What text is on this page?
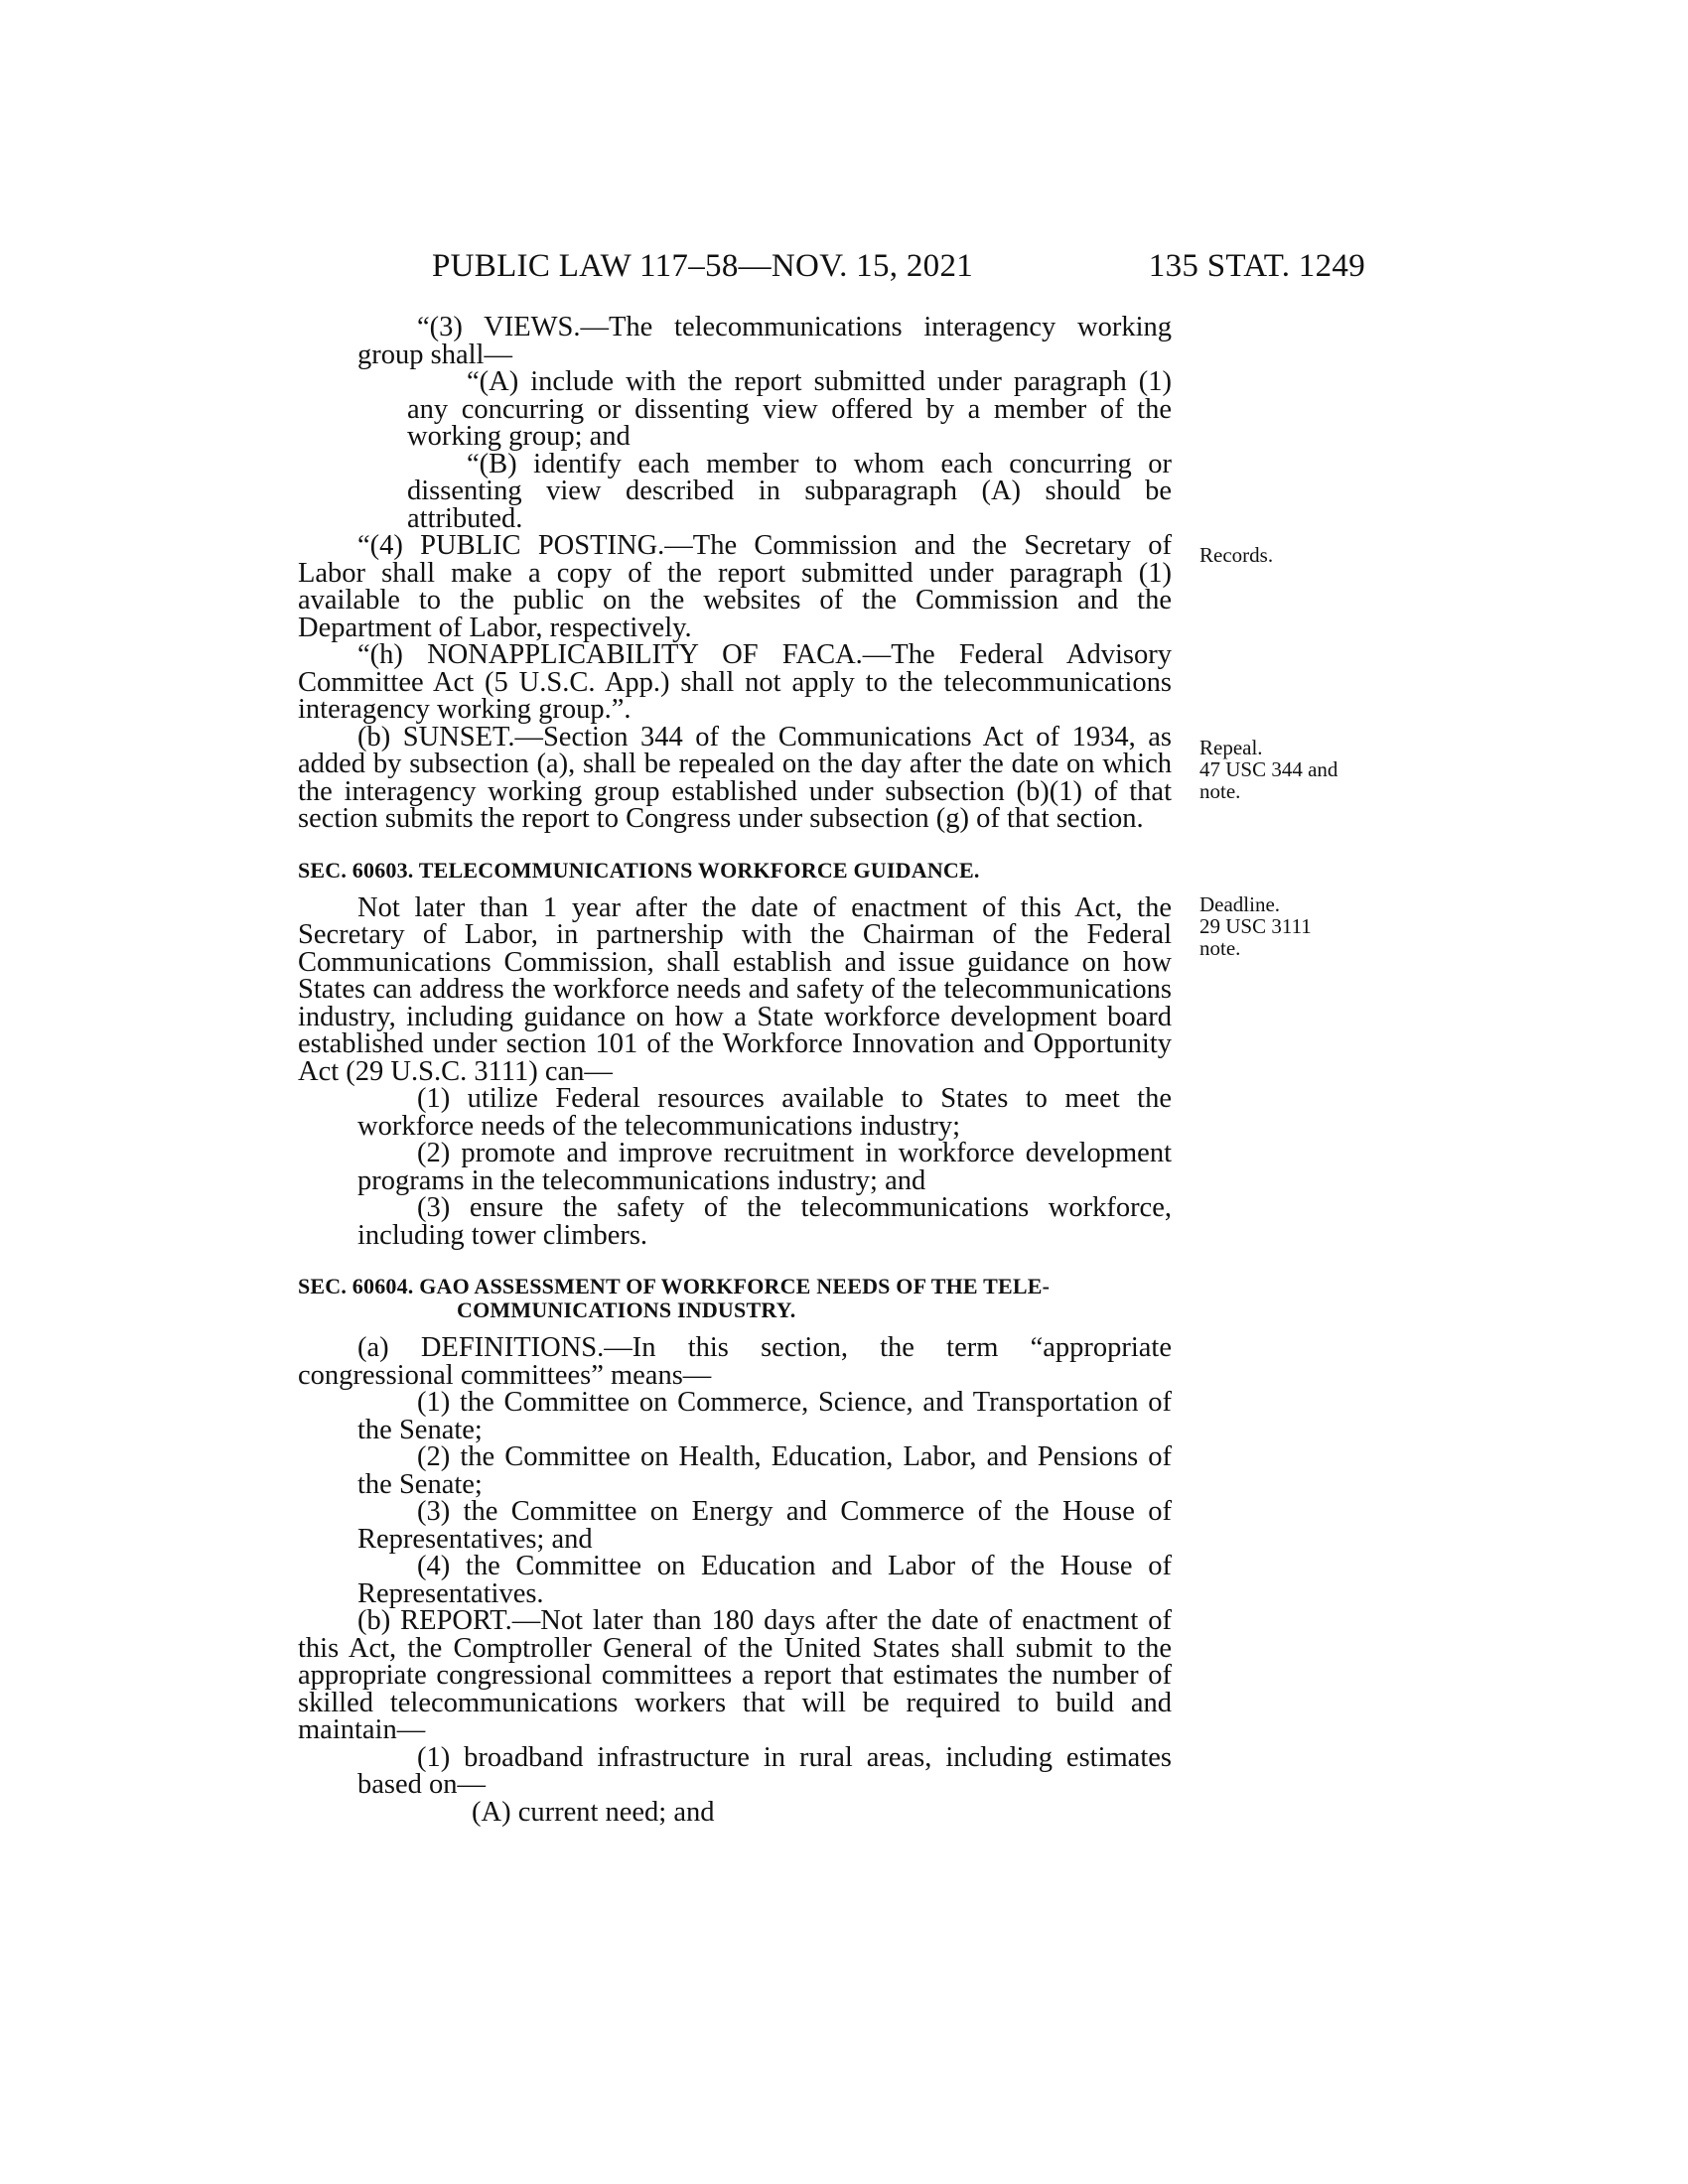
PUBLIC LAW 117–58—NOV. 15, 2021	135 STAT. 1249

“(3) VIEWS.—The telecommunications interagency working group shall—

“(A) include with the report submitted under paragraph (1) any concurring or dissenting view offered by a member of the working group; and

“(B) identify each member to whom each concurring or dissenting view described in subparagraph (A) should be attributed.

“(4) PUBLIC POSTING.—The Commission and the Secretary of Labor shall make a copy of the report submitted under paragraph (1) available to the public on the websites of the Commission and the Department of Labor, respectively.

“(h) NONAPPLICABILITY OF FACA.—The Federal Advisory Committee Act (5 U.S.C. App.) shall not apply to the telecommunications interagency working group.”.

(b) SUNSET.—Section 344 of the Communications Act of 1934, as added by subsection (a), shall be repealed on the day after the date on which the interagency working group established under subsection (b)(1) of that section submits the report to Congress under subsection (g) of that section.

SEC. 60603. TELECOMMUNICATIONS WORKFORCE GUIDANCE.

Not later than 1 year after the date of enactment of this Act, the Secretary of Labor, in partnership with the Chairman of the Federal Communications Commission, shall establish and issue guidance on how States can address the workforce needs and safety of the telecommunications industry, including guidance on how a State workforce development board established under section 101 of the Workforce Innovation and Opportunity Act (29 U.S.C. 3111) can—

(1) utilize Federal resources available to States to meet the workforce needs of the telecommunications industry;

(2) promote and improve recruitment in workforce development programs in the telecommunications industry; and

(3) ensure the safety of the telecommunications workforce, including tower climbers.

SEC. 60604. GAO ASSESSMENT OF WORKFORCE NEEDS OF THE TELE-
COMMUNICATIONS INDUSTRY.

(a) DEFINITIONS.—In this section, the term “appropriate congressional committees” means—

(1) the Committee on Commerce, Science, and Transportation of the Senate;

(2) the Committee on Health, Education, Labor, and Pensions of the Senate;

(3) the Committee on Energy and Commerce of the House of Representatives; and

(4) the Committee on Education and Labor of the House of Representatives.

(b) REPORT.—Not later than 180 days after the date of enactment of this Act, the Comptroller General of the United States shall submit to the appropriate congressional committees a report that estimates the number of skilled telecommunications workers that will be required to build and maintain—

(1) broadband infrastructure in rural areas, including estimates based on—

(A) current need; and

Records.
Repeal.
47 USC 344 and
note.
Deadline.
29 USC 3111
note.
